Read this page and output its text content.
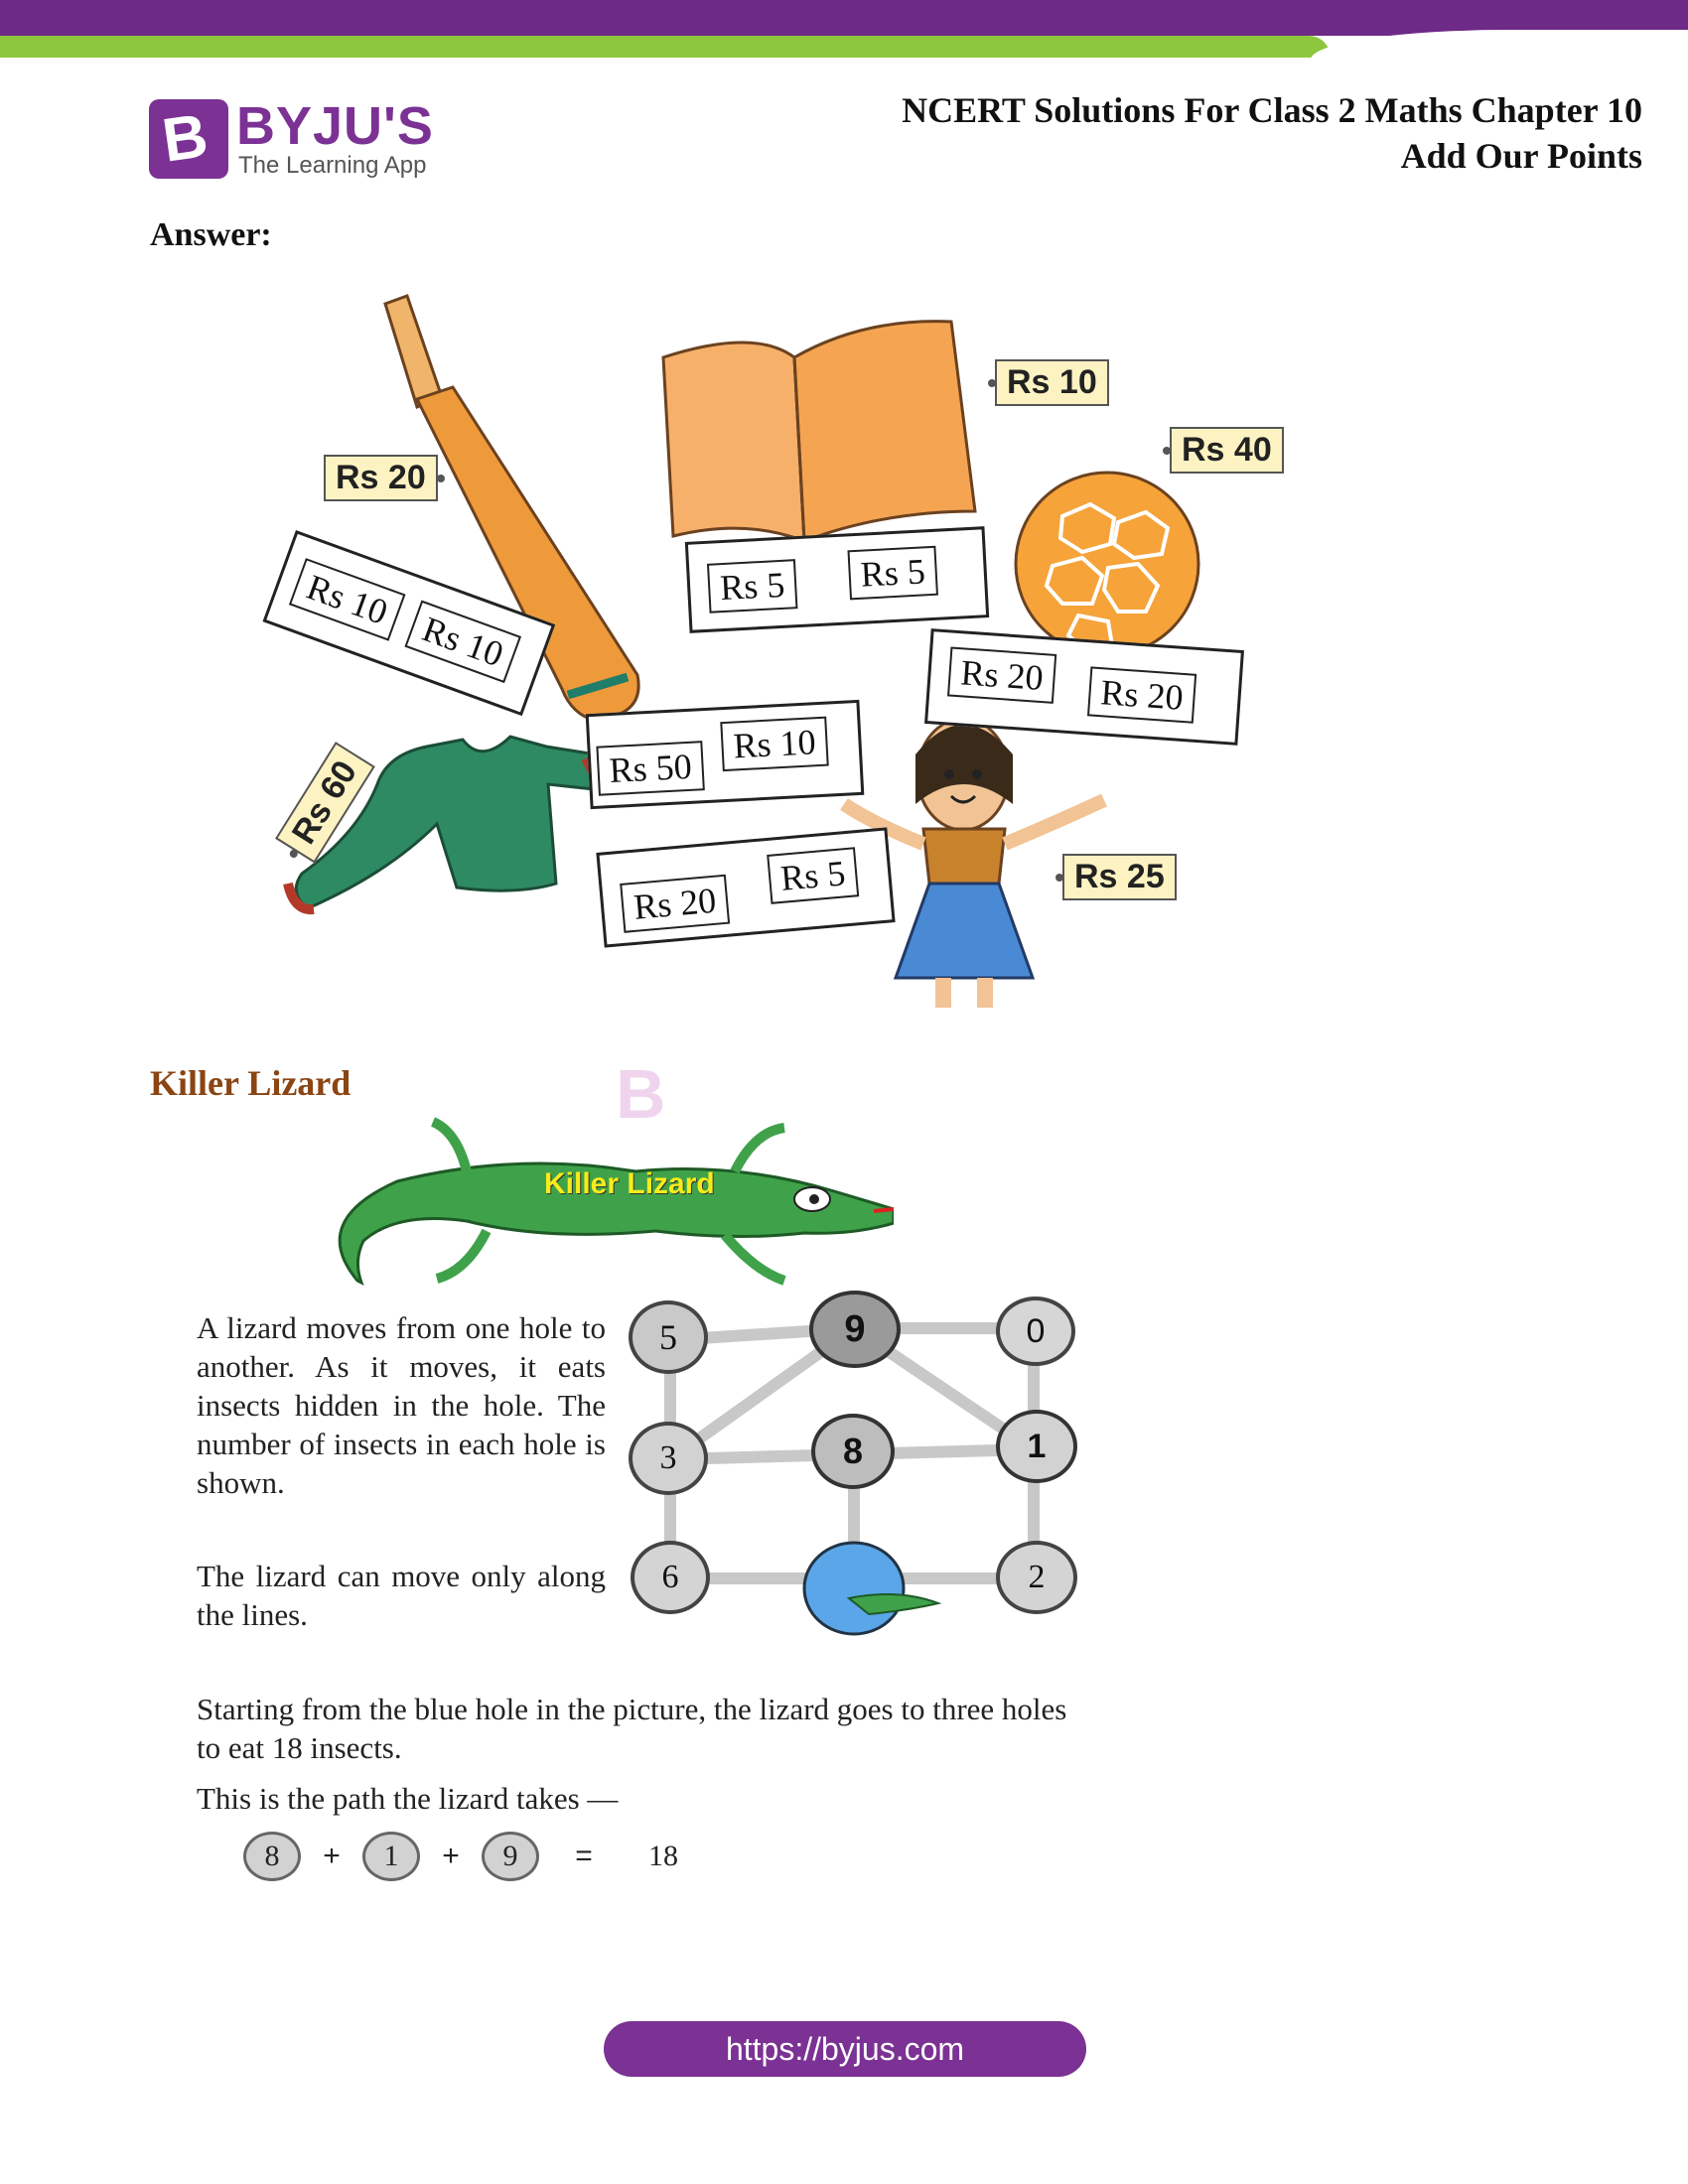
B BYJU'S
The Learning App
NCERT Solutions For Class 2 Maths Chapter 10
Add Our Points
Answer:
Rs 20
Rs 10
Rs 40
Rs 60
Rs 25
Rs 10
Rs 10
Rs 5	Rs 5
Rs 20	Rs 20
Rs 50
Rs 10
Rs 20
Rs 5
Killer Lizard	B
Killer Lizard
A lizard moves from one hole to another. As it moves, it eats insects hidden in the hole. The number of insects in each hole is shown.
The lizard can move only along the lines.
5	9	0
3	8	1
6	2
Starting from the blue hole in the picture, the lizard goes to three holes to eat 18 insects.
This is the path the lizard takes —
8	+	1	+	9	=	18
https://byjus.com
